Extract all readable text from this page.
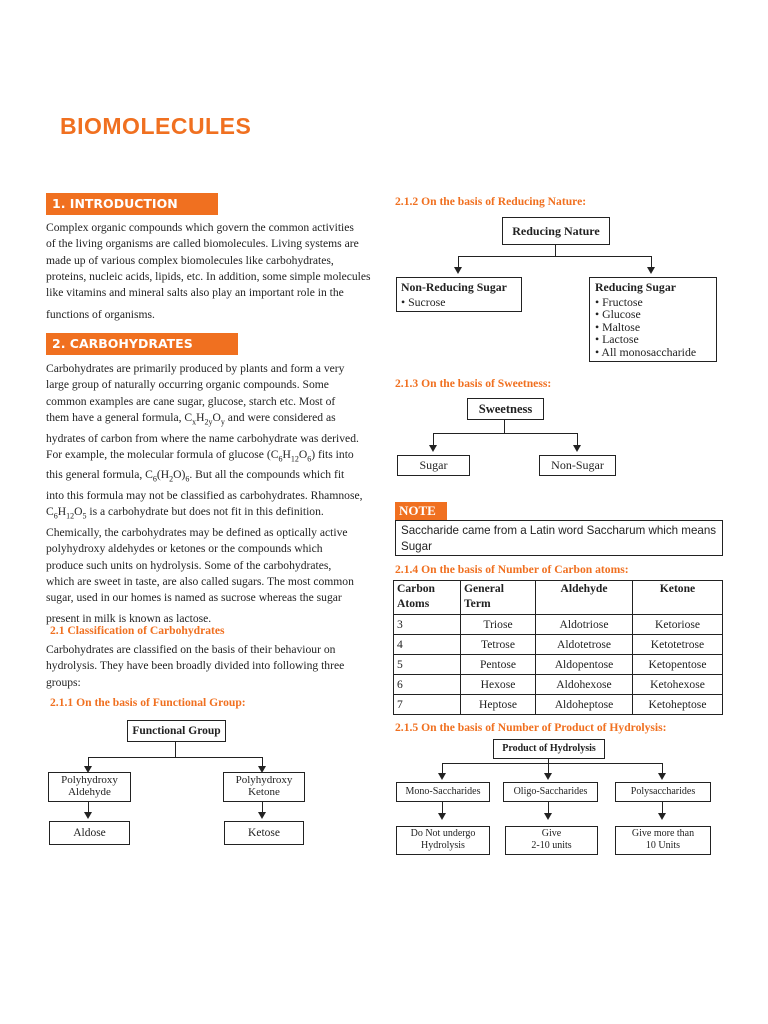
BIOMOLECULES
1. INTRODUCTION
Complex organic compounds which govern the common activities
of the living organisms are called biomolecules. Living systems are
made up of various complex biomolecules like carbohydrates,
proteins, nucleic acids, lipids, etc. In addition, some simple molecules
like vitamins and mineral salts also play an important role in the
functions of organisms.
2. CARBOHYDRATES
Carbohydrates are primarily produced by plants and form a very
large group of naturally occurring organic compounds. Some
common examples are cane sugar, glucose, starch etc. Most of
them have a general formula, $C_xH_{2y}O_y$ and were considered as
hydrates of carbon from where the name carbohydrate was derived.
For example, the molecular formula of glucose $(C_6H_{12}O_6)$ fits into
this general formula, $C_6(H_2O)_6$. But all the compounds which fit
into this formula may not be classified as carbohydrates. Rhamnose,
$C_6H_{12}O_5$ is a carbohydrate but does not fit in this definition.
Chemically, the carbohydrates may be defined as optically active
polyhydroxy aldehydes or ketones or the compounds which
produce such units on hydrolysis. Some of the carbohydrates,
which are sweet in taste, are also called sugars. The most common
sugar, used in our homes is named as sucrose whereas the sugar
present in milk is known as lactose.
2.1 Classification of Carbohydrates
Carbohydrates are classified on the basis of their behaviour on
hydrolysis. They have been broadly divided into following three
groups:
2.1.1 On the basis of Functional Group:
Functional Group
Polyhydroxy
Aldehyde
Polyhydroxy
Ketone
Aldose	Ketose
2.1.2 On the basis of Reducing Nature:
Reducing Nature
Non-Reducing Sugar
• Sucrose
Reducing Sugar
• Fructose
• Glucose
• Maltose
• Lactose
• All monosaccharide
2.1.3 On the basis of Sweetness:
Sweetness
Sugar	Non-Sugar
NOTE
Saccharide came from a Latin word Saccharum which means Sugar
2.1.4 On the basis of Number of Carbon atoms:
Carbon Atoms	General Term	Aldehyde	Ketone
3	Triose	Aldotriose	Ketoriose
4	Tetrose	Aldotetrose	Ketotetrose
5	Pentose	Aldopentose	Ketopentose
6	Hexose	Aldohexose	Ketohexose
7	Heptose	Aldoheptose	Ketoheptose
2.1.5 On the basis of Number of Product of Hydrolysis:
Product of Hydrolysis
Mono-Saccharides	Oligo-Saccharides	Polysaccharides
Do Not undergo
Hydrolysis
Give
2-10 units
Give more than
10 Units
